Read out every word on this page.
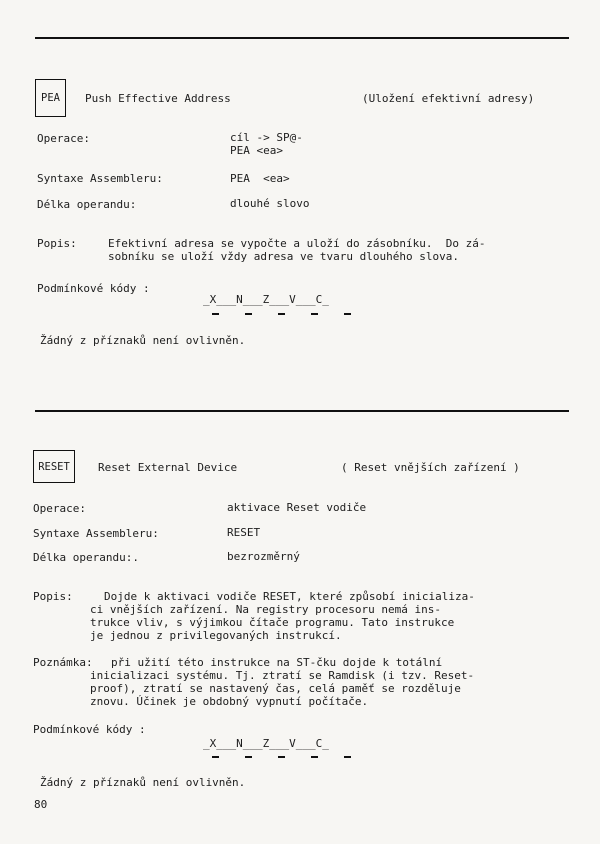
PEA Push Effective Address	(Uložení efektivní adresy)
Operace:	cíl -> SP@-
PEA <ea>
Syntaxe Assembleru:	PEA  <ea>
Délka operandu:	dlouhé slovo
Popis:	Efektivní adresa se vypočte a uloží do zásobníku.  Do zá-
sobníku se uloží vždy adresa ve tvaru dlouhého slova.
Podmínkové kódy :
_X___N___Z___V___C_
Žádný z příznaků není ovlivněn.
RESET	Reset External Device	( Reset vnějších zařízení )
Operace:	aktivace Reset vodiče
Syntaxe Assembleru:	RESET
Délka operandu:.	bezrozměrný
Popis:	Dojde k aktivaci vodiče RESET, které způsobí inicializa-
ci vnějších zařízení. Na registry procesoru nemá ins-
trukce vliv, s výjimkou čítače programu. Tato instrukce
je jednou z privilegovaných instrukcí.
Poznámka: při užití této instrukce na ST-čku dojde k totální
inicializaci systému. Tj. ztratí se Ramdisk (i tzv. Reset-
proof), ztratí se nastavený čas, celá paměť se rozděluje
znovu. Účinek je obdobný vypnutí počítače.
Podmínkové kódy :
_X___N___Z___V___C_
Žádný z příznaků není ovlivněn.
80
